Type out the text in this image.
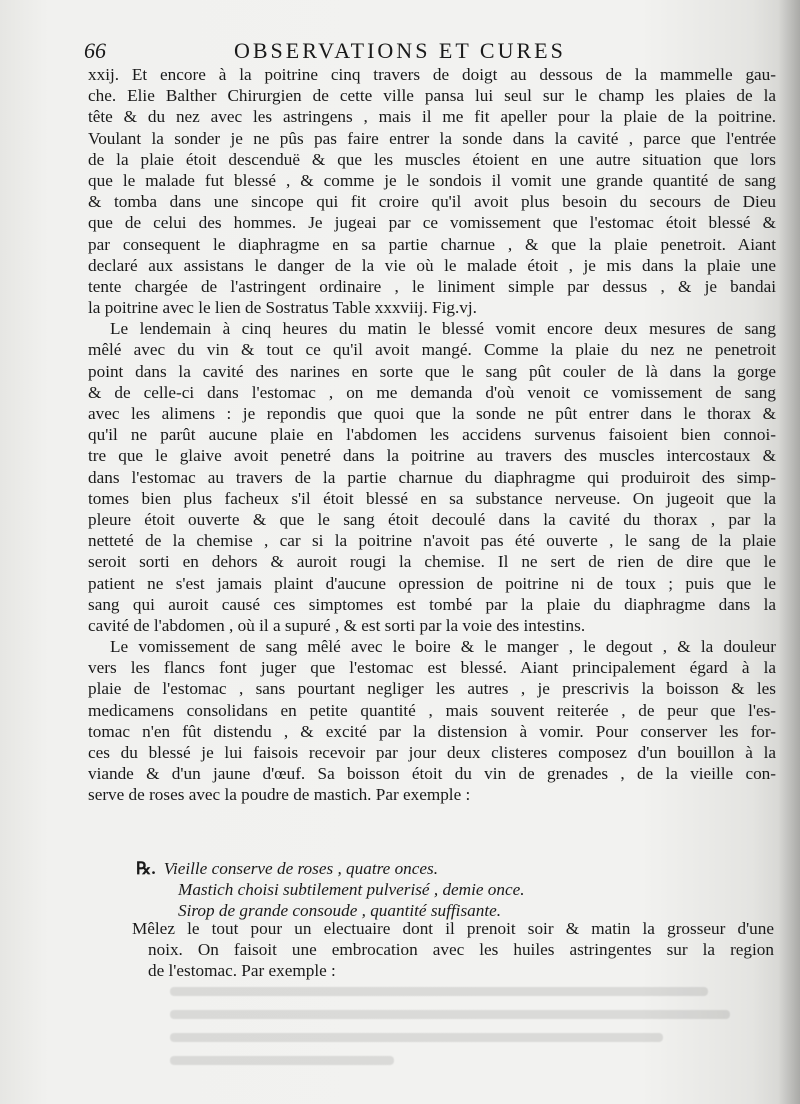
66	OBSERVATIONS ET CURES

xxij. Et encore à la poitrine cinq travers de doigt au dessous de la mammelle gau-
che. Elie Balther Chirurgien de cette ville pansa lui seul sur le champ les plaies de la
tête & du nez avec les astringens , mais il me fit apeller pour la plaie de la poitrine.
Voulant la sonder je ne pûs pas faire entrer la sonde dans la cavité , parce que l'entrée
de la plaie étoit descenduë & que les muscles étoient en une autre situation que lors
que le malade fut blessé , & comme je le sondois il vomit une grande quantité de sang
& tomba dans une sincope qui fit croire qu'il avoit plus besoin du secours de Dieu
que de celui des hommes. Je jugeai par ce vomissement que l'estomac étoit blessé &
par consequent le diaphragme en sa partie charnue , & que la plaie penetroit. Aiant
declaré aux assistans le danger de la vie où le malade étoit , je mis dans la plaie une
tente chargée de l'astringent ordinaire , le liniment simple par dessus , & je bandai
la poitrine avec le lien de Sostratus Table xxxviij. Fig.vj.

Le lendemain à cinq heures du matin le blessé vomit encore deux mesures de sang
mêlé avec du vin & tout ce qu'il avoit mangé. Comme la plaie du nez ne penetroit
point dans la cavité des narines en sorte que le sang pût couler de là dans la gorge
& de celle-ci dans l'estomac , on me demanda d'où venoit ce vomissement de sang
avec les alimens : je repondis que quoi que la sonde ne pût entrer dans le thorax &
qu'il ne parût aucune plaie en l'abdomen les accidens survenus faisoient bien connoi-
tre que le glaive avoit penetré dans la poitrine au travers des muscles intercostaux &
dans l'estomac au travers de la partie charnue du diaphragme qui produiroit des simp-
tomes bien plus facheux s'il étoit blessé en sa substance nerveuse. On jugeoit que la
pleure étoit ouverte & que le sang étoit decoulé dans la cavité du thorax , par la
netteté de la chemise , car si la poitrine n'avoit pas été ouverte , le sang de la plaie
seroit sorti en dehors & auroit rougi la chemise. Il ne sert de rien de dire que le
patient ne s'est jamais plaint d'aucune opression de poitrine ni de toux ; puis que le
sang qui auroit causé ces simptomes est tombé par la plaie du diaphragme dans la
cavité de l'abdomen , où il a supuré , & est sorti par la voie des intestins.

Le vomissement de sang mêlé avec le boire & le manger , le degout , & la douleur
vers les flancs font juger que l'estomac est blessé. Aiant principalement égard à la
plaie de l'estomac , sans pourtant negliger les autres , je prescrivis la boisson & les
medicamens consolidans en petite quantité , mais souvent reiterée , de peur que l'es-
tomac n'en fût distendu , & excité par la distension à vomir. Pour conserver les for-
ces du blessé je lui faisois recevoir par jour deux clisteres composez d'un bouillon à la
viande & d'un jaune d'œuf. Sa boisson étoit du vin de grenades , de la vieille con-
serve de roses avec la poudre de mastich. Par exemple :

℞. Vieille conserve de roses , quatre onces.
Mastich choisi subtilement pulverisé , demie once.
Sirop de grande consoude , quantité suffisante.
Mêlez le tout pour un electuaire dont il prenoit soir & matin la grosseur d'une
noix. On faisoit une embrocation avec les huiles astringentes sur la region
de l'estomac. Par exemple :
